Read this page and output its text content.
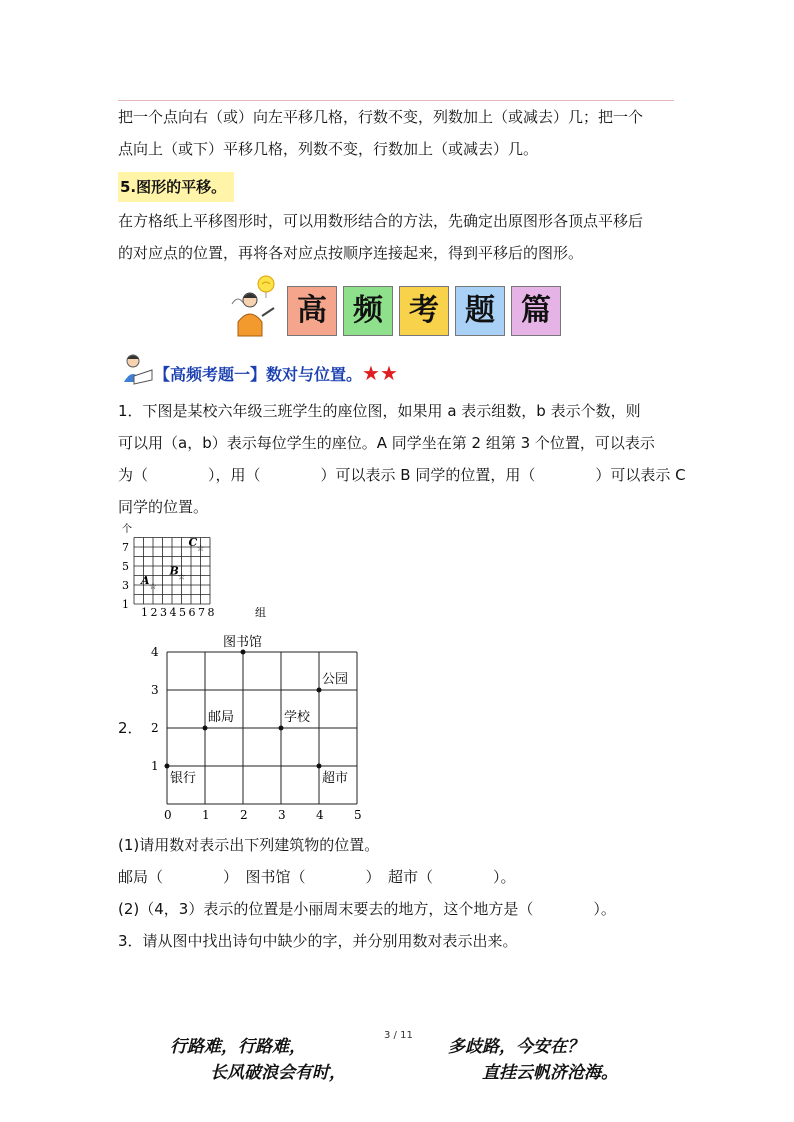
把一个点向右（或）向左平移几格，行数不变，列数加上（或减去）几；把一个
点向上（或下）平移几格，列数不变，行数加上（或减去）几。
5.图形的平移。
在方格纸上平移图形时，可以用数形结合的方法，先确定出原图形各顶点平移后
的对应点的位置，再将各对应点按顺序连接起来，得到平移后的图形。
高 频 考 题 篇
【高频考题一】数对与位置。★★
1．下图是某校六年级三班学生的座位图，如果用 a 表示组数，b 表示个数，则
可以用（a，b）表示每位学生的座位。A 同学坐在第 2 组第 3 个位置，可以表示
为（　　　　），用（　　　　）可以表示 B 同学的位置，用（　　　　）可以表示 C
同学的位置。
个
组
7
5
3
1
1 2 3 4 5 6 7 8
A ☆
B
☆
C ☆
2．
0	1	2	3	4	5
1
2
3
4
图书馆
公园
邮局	学校
银行	超市
(1)请用数对表示出下列建筑物的位置。
邮局（　　　　）　图书馆（　　　　）　超市（　　　　）。
(2)（4，3）表示的位置是小丽周末要去的地方，这个地方是（　　　　）。
3．请从图中找出诗句中缺少的字，并分别用数对表示出来。
行路难，行路难，
3 / 11
多歧路，今安在？
长风破浪会有时，	直挂云帆济沧海。
